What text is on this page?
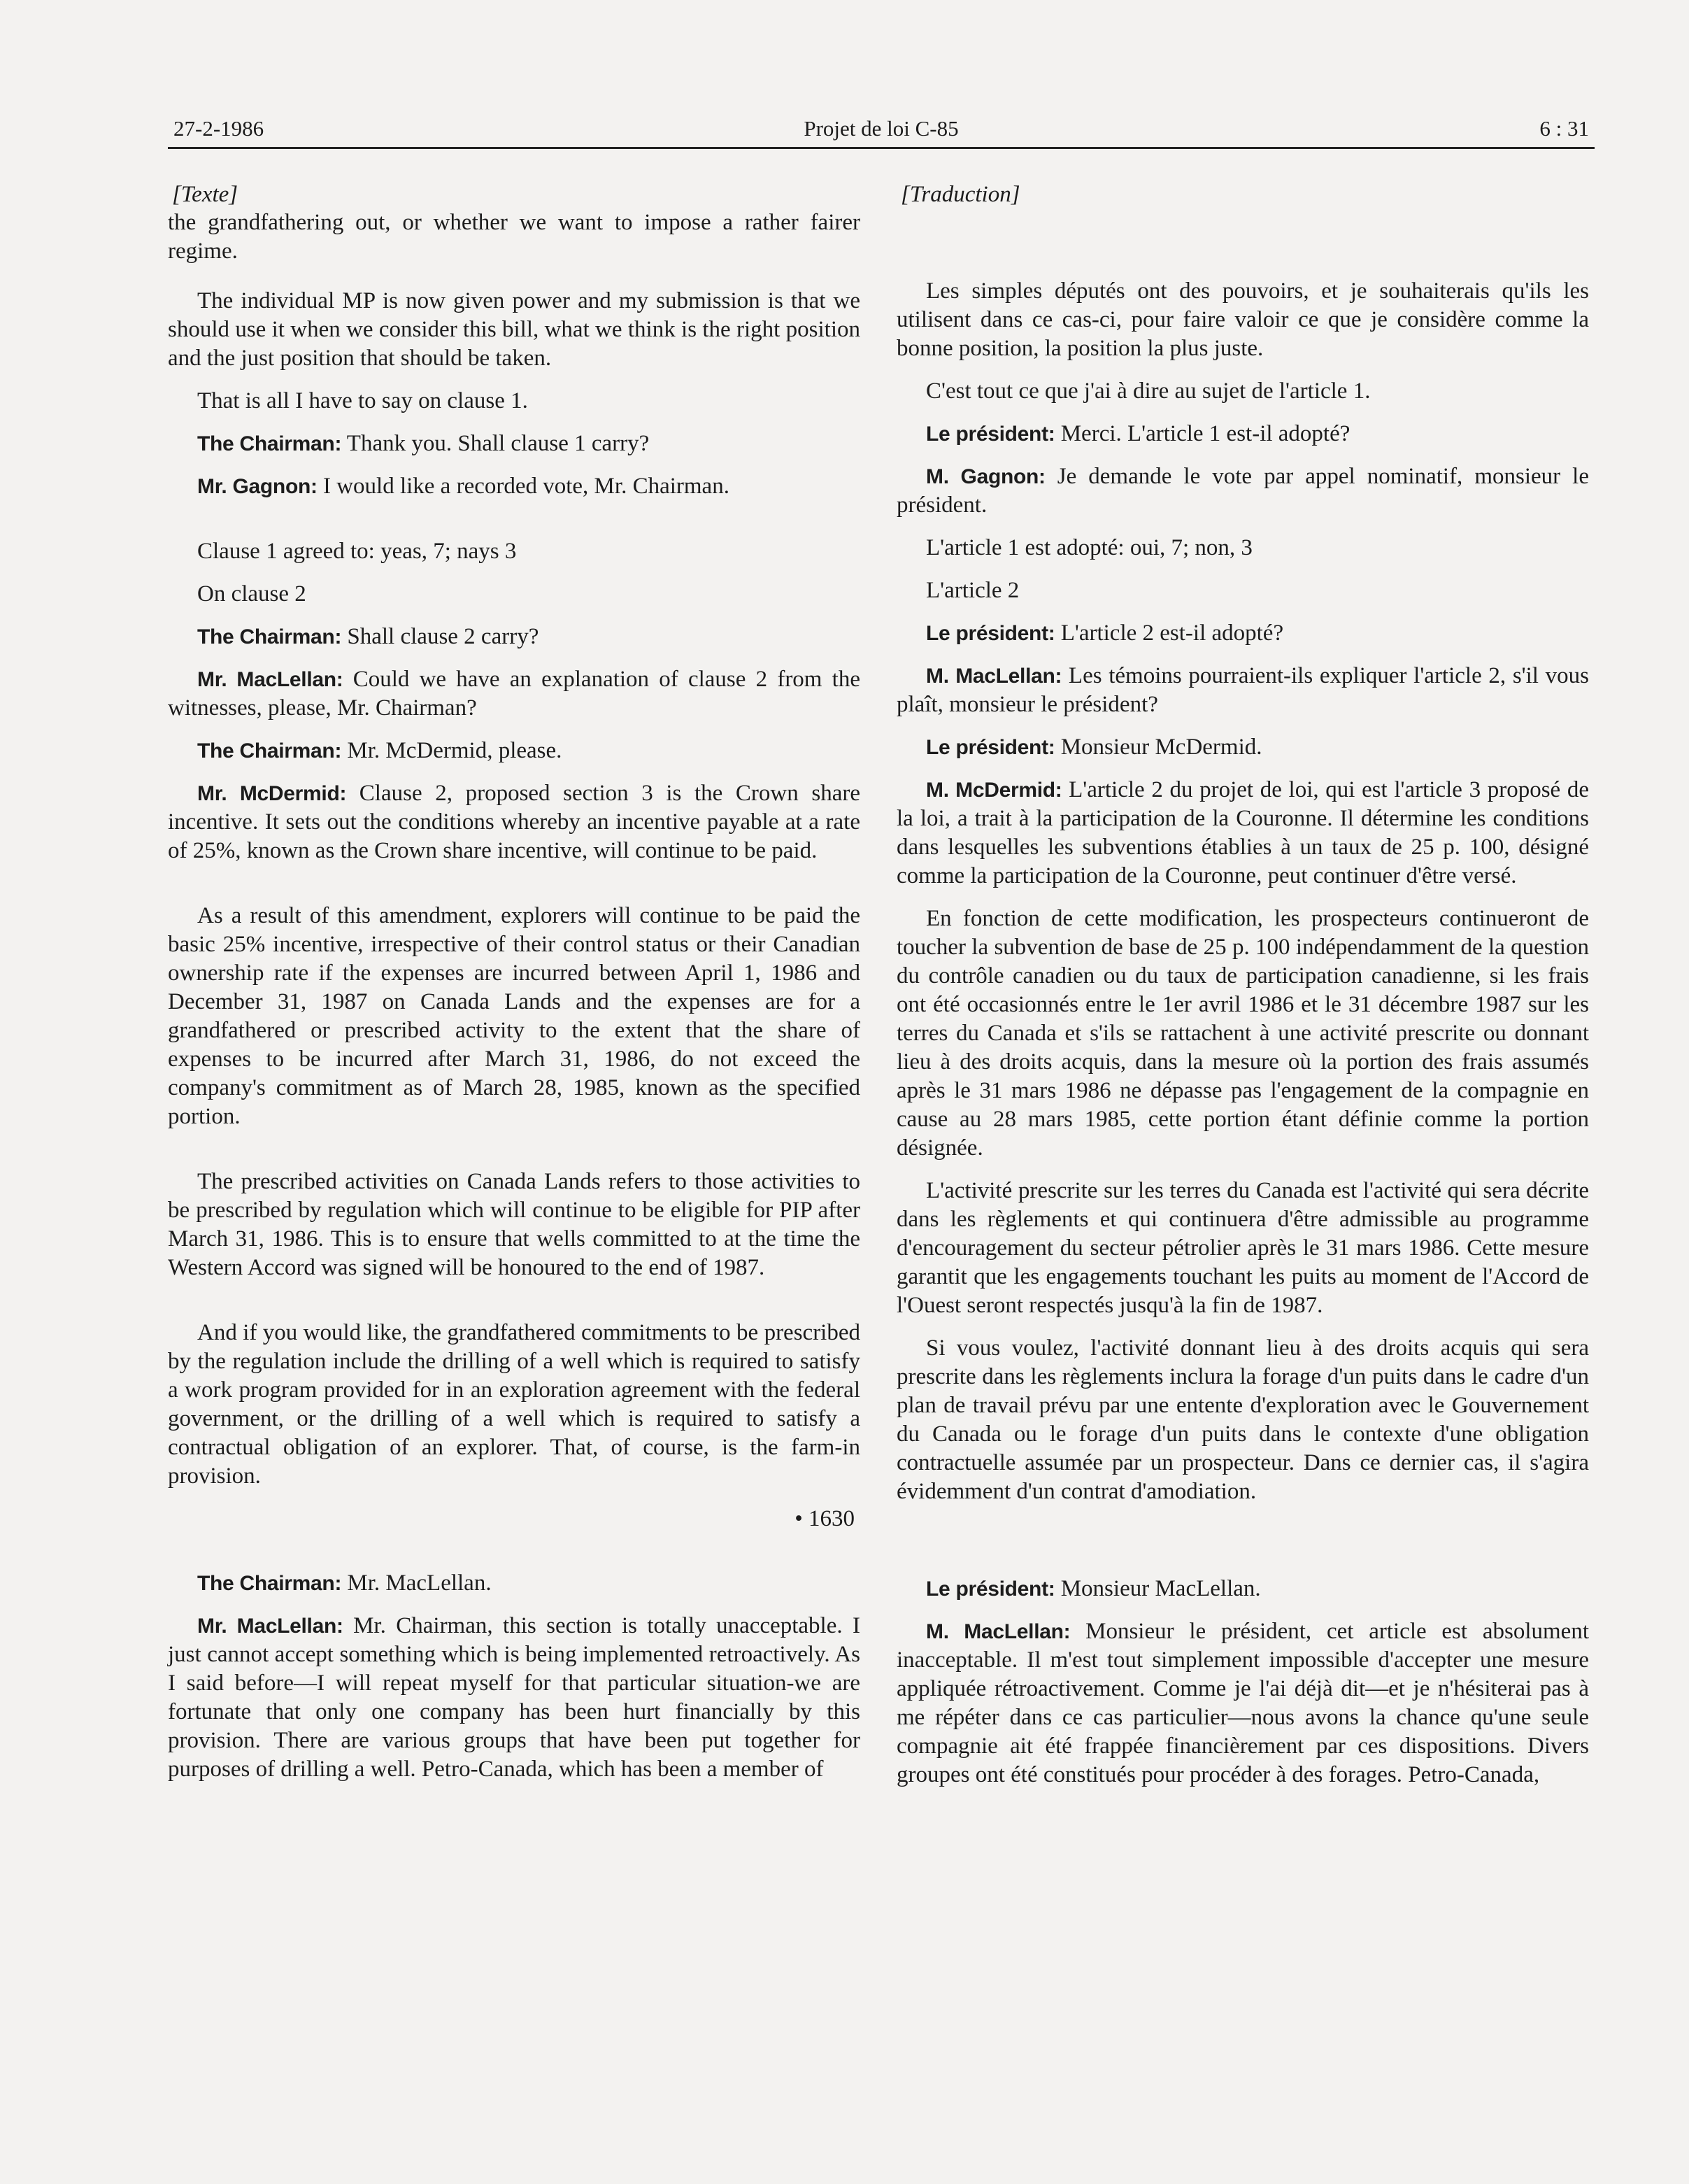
27-2-1986	Projet de loi C-85	6 : 31
[Texte]

the grandfathering out, or whether we want to impose a rather fairer regime.

The individual MP is now given power and my submission is that we should use it when we consider this bill, what we think is the right position and the just position that should be taken.

That is all I have to say on clause 1.

The Chairman: Thank you. Shall clause 1 carry?

Mr. Gagnon: I would like a recorded vote, Mr. Chairman.

Clause 1 agreed to: yeas, 7; nays 3

On clause 2

The Chairman: Shall clause 2 carry?

Mr. MacLellan: Could we have an explanation of clause 2 from the witnesses, please, Mr. Chairman?

The Chairman: Mr. McDermid, please.

Mr. McDermid: Clause 2, proposed section 3 is the Crown share incentive. It sets out the conditions whereby an incentive payable at a rate of 25%, known as the Crown share incentive, will continue to be paid.

As a result of this amendment, explorers will continue to be paid the basic 25% incentive, irrespective of their control status or their Canadian ownership rate if the expenses are incurred between April 1, 1986 and December 31, 1987 on Canada Lands and the expenses are for a grandfathered or prescribed activity to the extent that the share of expenses to be incurred after March 31, 1986, do not exceed the company's commitment as of March 28, 1985, known as the specified portion.

The prescribed activities on Canada Lands refers to those activities to be prescribed by regulation which will continue to be eligible for PIP after March 31, 1986. This is to ensure that wells committed to at the time the Western Accord was signed will be honoured to the end of 1987.

And if you would like, the grandfathered commitments to be prescribed by the regulation include the drilling of a well which is required to satisfy a work program provided for in an exploration agreement with the federal government, or the drilling of a well which is required to satisfy a contractual obligation of an explorer. That, of course, is the farm-in provision.

• 1630

The Chairman: Mr. MacLellan.

Mr. MacLellan: Mr. Chairman, this section is totally unacceptable. I just cannot accept something which is being implemented retroactively. As I said before—I will repeat myself for that particular situation-we are fortunate that only one company has been hurt financially by this provision. There are various groups that have been put together for purposes of drilling a well. Petro-Canada, which has been a member of

[Traduction]

Les simples députés ont des pouvoirs, et je souhaiterais qu'ils les utilisent dans ce cas-ci, pour faire valoir ce que je considère comme la bonne position, la position la plus juste.

C'est tout ce que j'ai à dire au sujet de l'article 1.

Le président: Merci. L'article 1 est-il adopté?

M. Gagnon: Je demande le vote par appel nominatif, monsieur le président.

L'article 1 est adopté: oui, 7; non, 3

L'article 2

Le président: L'article 2 est-il adopté?

M. MacLellan: Les témoins pourraient-ils expliquer l'article 2, s'il vous plaît, monsieur le président?

Le président: Monsieur McDermid.

M. McDermid: L'article 2 du projet de loi, qui est l'article 3 proposé de la loi, a trait à la participation de la Couronne. Il détermine les conditions dans lesquelles les subventions établies à un taux de 25 p. 100, désigné comme la participation de la Couronne, peut continuer d'être versé.

En fonction de cette modification, les prospecteurs continueront de toucher la subvention de base de 25 p. 100 indépendamment de la question du contrôle canadien ou du taux de participation canadienne, si les frais ont été occasionnés entre le 1er avril 1986 et le 31 décembre 1987 sur les terres du Canada et s'ils se rattachent à une activité prescrite ou donnant lieu à des droits acquis, dans la mesure où la portion des frais assumés après le 31 mars 1986 ne dépasse pas l'engagement de la compagnie en cause au 28 mars 1985, cette portion étant définie comme la portion désignée.

L'activité prescrite sur les terres du Canada est l'activité qui sera décrite dans les règlements et qui continuera d'être admissible au programme d'encouragement du secteur pétrolier après le 31 mars 1986. Cette mesure garantit que les engagements touchant les puits au moment de l'Accord de l'Ouest seront respectés jusqu'à la fin de 1987.

Si vous voulez, l'activité donnant lieu à des droits acquis qui sera prescrite dans les règlements inclura la forage d'un puits dans le cadre d'un plan de travail prévu par une entente d'exploration avec le Gouvernement du Canada ou le forage d'un puits dans le contexte d'une obligation contractuelle assumée par un prospecteur. Dans ce dernier cas, il s'agira évidemment d'un contrat d'amodiation.

Le président: Monsieur MacLellan.

M. MacLellan: Monsieur le président, cet article est absolument inacceptable. Il m'est tout simplement impossible d'accepter une mesure appliquée rétroactivement. Comme je l'ai déjà dit—et je n'hésiterai pas à me répéter dans ce cas particulier—nous avons la chance qu'une seule compagnie ait été frappée financièrement par ces dispositions. Divers groupes ont été constitués pour procéder à des forages. Petro-Canada,
